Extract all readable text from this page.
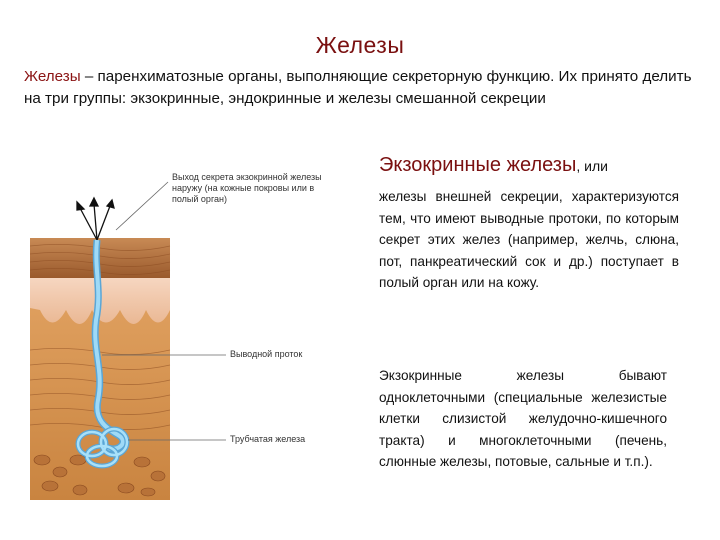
Железы
Железы – паренхиматозные органы, выполняющие секреторную функцию. Их принято делить на три группы: экзокринные, эндокринные и железы смешанной секреции
Экзокринные железы, или
железы внешней секреции, характеризуются тем, что имеют выводные протоки, по которым секрет этих желез (например, желчь, слюна, пот, панкреатический сок и др.) поступает в полый орган или на кожу.
Экзокринные железы бывают одноклеточными (специальные железистые клетки слизистой желудочно-кишечного тракта) и многоклеточными (печень, слюнные железы, потовые, сальные и т.п.).
Выход секрета экзокринной железы наружу (на кожные покровы или в полый орган)
Выводной проток
Трубчатая железа
